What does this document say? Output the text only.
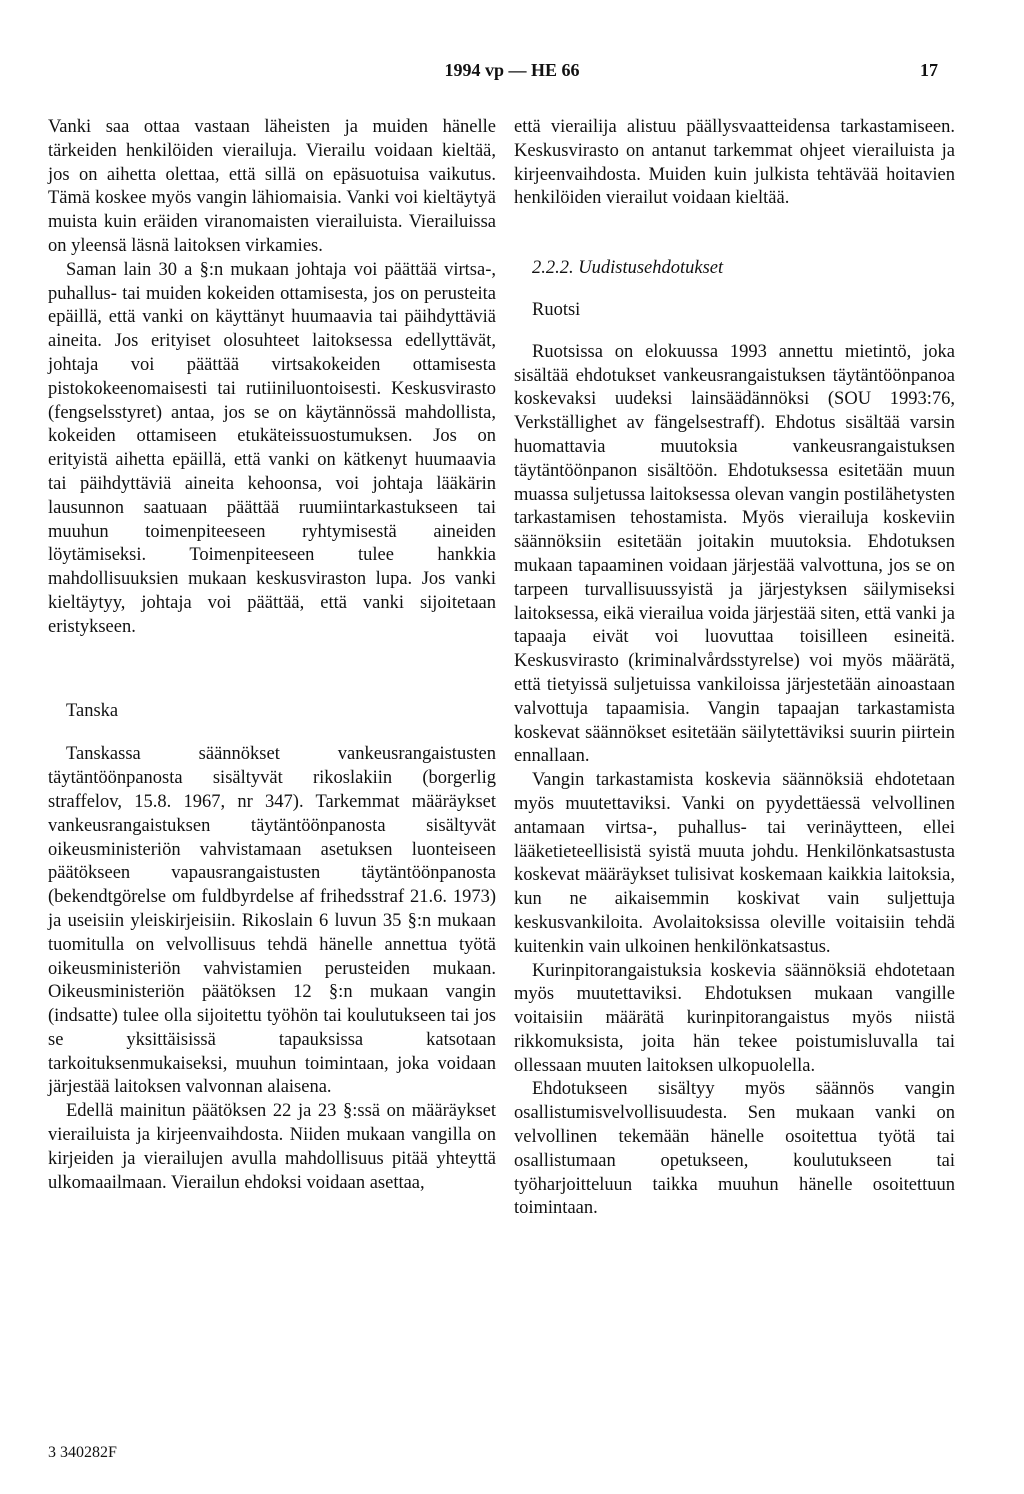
1994 vp — HE 66	17

Vanki saa ottaa vastaan läheisten ja muiden hänelle tärkeiden henkilöiden vierailuja. Vierailu voidaan kieltää, jos on aihetta olettaa, että sillä on epäsuotuisa vaikutus. Tämä koskee myös vangin lähiomaisia. Vanki voi kieltäytyä muista kuin eräiden viranomaisten vierailuista. Vierailuissa on yleensä läsnä laitoksen virkamies.

Saman lain 30 a §:n mukaan johtaja voi päättää virtsa-, puhallus- tai muiden kokeiden ottamisesta, jos on perusteita epäillä, että vanki on käyttänyt huumaavia tai päihdyttäviä aineita. Jos erityiset olosuhteet laitoksessa edellyttävät, johtaja voi päättää virtsakokeiden ottamisesta pistokokeenomaisesti tai rutiiniluontoisesti. Keskusvirasto (fengselsstyret) antaa, jos se on käytännössä mahdollista, kokeiden ottamiseen etukäteissuostumuksen. Jos on erityistä aihetta epäillä, että vanki on kätkenyt huumaavia tai päihdyttäviä aineita kehoonsa, voi johtaja lääkärin lausunnon saatuaan päättää ruumiintarkastukseen tai muuhun toimenpiteeseen ryhtymisestä aineiden löytämiseksi. Toimenpiteeseen tulee hankkia mahdollisuuksien mukaan keskusviraston lupa. Jos vanki kieltäytyy, johtaja voi päättää, että vanki sijoitetaan eristykseen.

Tanska

Tanskassa säännökset vankeusrangaistusten täytäntöönpanosta sisältyvät rikoslakiin (borgerlig straffelov, 15.8. 1967, nr 347). Tarkemmat määräykset vankeusrangaistuksen täytäntöönpanosta sisältyvät oikeusministeriön vahvistamaan asetuksen luonteiseen päätökseen vapausrangaistusten täytäntöönpanosta (bekendtgörelse om fuldbyrdelse af frihedsstraf 21.6. 1973) ja useisiin yleiskirjeisiin. Rikoslain 6 luvun 35 §:n mukaan tuomitulla on velvollisuus tehdä hänelle annettua työtä oikeusministeriön vahvistamien perusteiden mukaan. Oikeusministeriön päätöksen 12 §:n mukaan vangin (indsatte) tulee olla sijoitettu työhön tai koulutukseen tai jos se yksittäisissä tapauksissa katsotaan tarkoituksenmukaiseksi, muuhun toimintaan, joka voidaan järjestää laitoksen valvonnan alaisena.

Edellä mainitun päätöksen 22 ja 23 §:ssä on määräykset vierailuista ja kirjeenvaihdosta. Niiden mukaan vangilla on kirjeiden ja vierailujen avulla mahdollisuus pitää yhteyttä ulkomaailmaan. Vierailun ehdoksi voidaan asettaa,

että vierailija alistuu päällysvaatteidensa tarkastamiseen. Keskusvirasto on antanut tarkemmat ohjeet vierailuista ja kirjeenvaihdosta. Muiden kuin julkista tehtävää hoitavien henkilöiden vierailut voidaan kieltää.

2.2.2. Uudistusehdotukset

Ruotsi

Ruotsissa on elokuussa 1993 annettu mietintö, joka sisältää ehdotukset vankeusrangaistuksen täytäntöönpanoa koskevaksi uudeksi lainsäädännöksi (SOU 1993:76, Verkställighet av fängelsestraff). Ehdotus sisältää varsin huomattavia muutoksia vankeusrangaistuksen täytäntöönpanon sisältöön. Ehdotuksessa esitetään muun muassa suljetussa laitoksessa olevan vangin postilähetysten tarkastamisen tehostamista. Myös vierailuja koskeviin säännöksiin esitetään joitakin muutoksia. Ehdotuksen mukaan tapaaminen voidaan järjestää valvottuna, jos se on tarpeen turvallisuussyistä ja järjestyksen säilymiseksi laitoksessa, eikä vierailua voida järjestää siten, että vanki ja tapaaja eivät voi luovuttaa toisilleen esineitä. Keskusvirasto (kriminalvårdsstyrelse) voi myös määrätä, että tietyissä suljetuissa vankiloissa järjestetään ainoastaan valvottuja tapaamisia. Vangin tapaajan tarkastamista koskevat säännökset esitetään säilytettäviksi suurin piirtein ennallaan.

Vangin tarkastamista koskevia säännöksiä ehdotetaan myös muutettaviksi. Vanki on pyydettäessä velvollinen antamaan virtsa-, puhallus- tai verinäytteen, ellei lääketieteellisistä syistä muuta johdu. Henkilönkatsastusta koskevat määräykset tulisivat koskemaan kaikkia laitoksia, kun ne aikaisemmin koskivat vain suljettuja keskusvankiloita. Avolaitoksissa oleville voitaisiin tehdä kuitenkin vain ulkoinen henkilönkatsastus.

Kurinpitorangaistuksia koskevia säännöksiä ehdotetaan myös muutettaviksi. Ehdotuksen mukaan vangille voitaisiin määrätä kurinpitorangaistus myös niistä rikkomuksista, joita hän tekee poistumisluvalla tai ollessaan muuten laitoksen ulkopuolella.

Ehdotukseen sisältyy myös säännös vangin osallistumisvelvollisuudesta. Sen mukaan vanki on velvollinen tekemään hänelle osoitettua työtä tai osallistumaan opetukseen, koulutukseen tai työharjoitteluun taikka muuhun hänelle osoitettuun toimintaan.

3 340282F
